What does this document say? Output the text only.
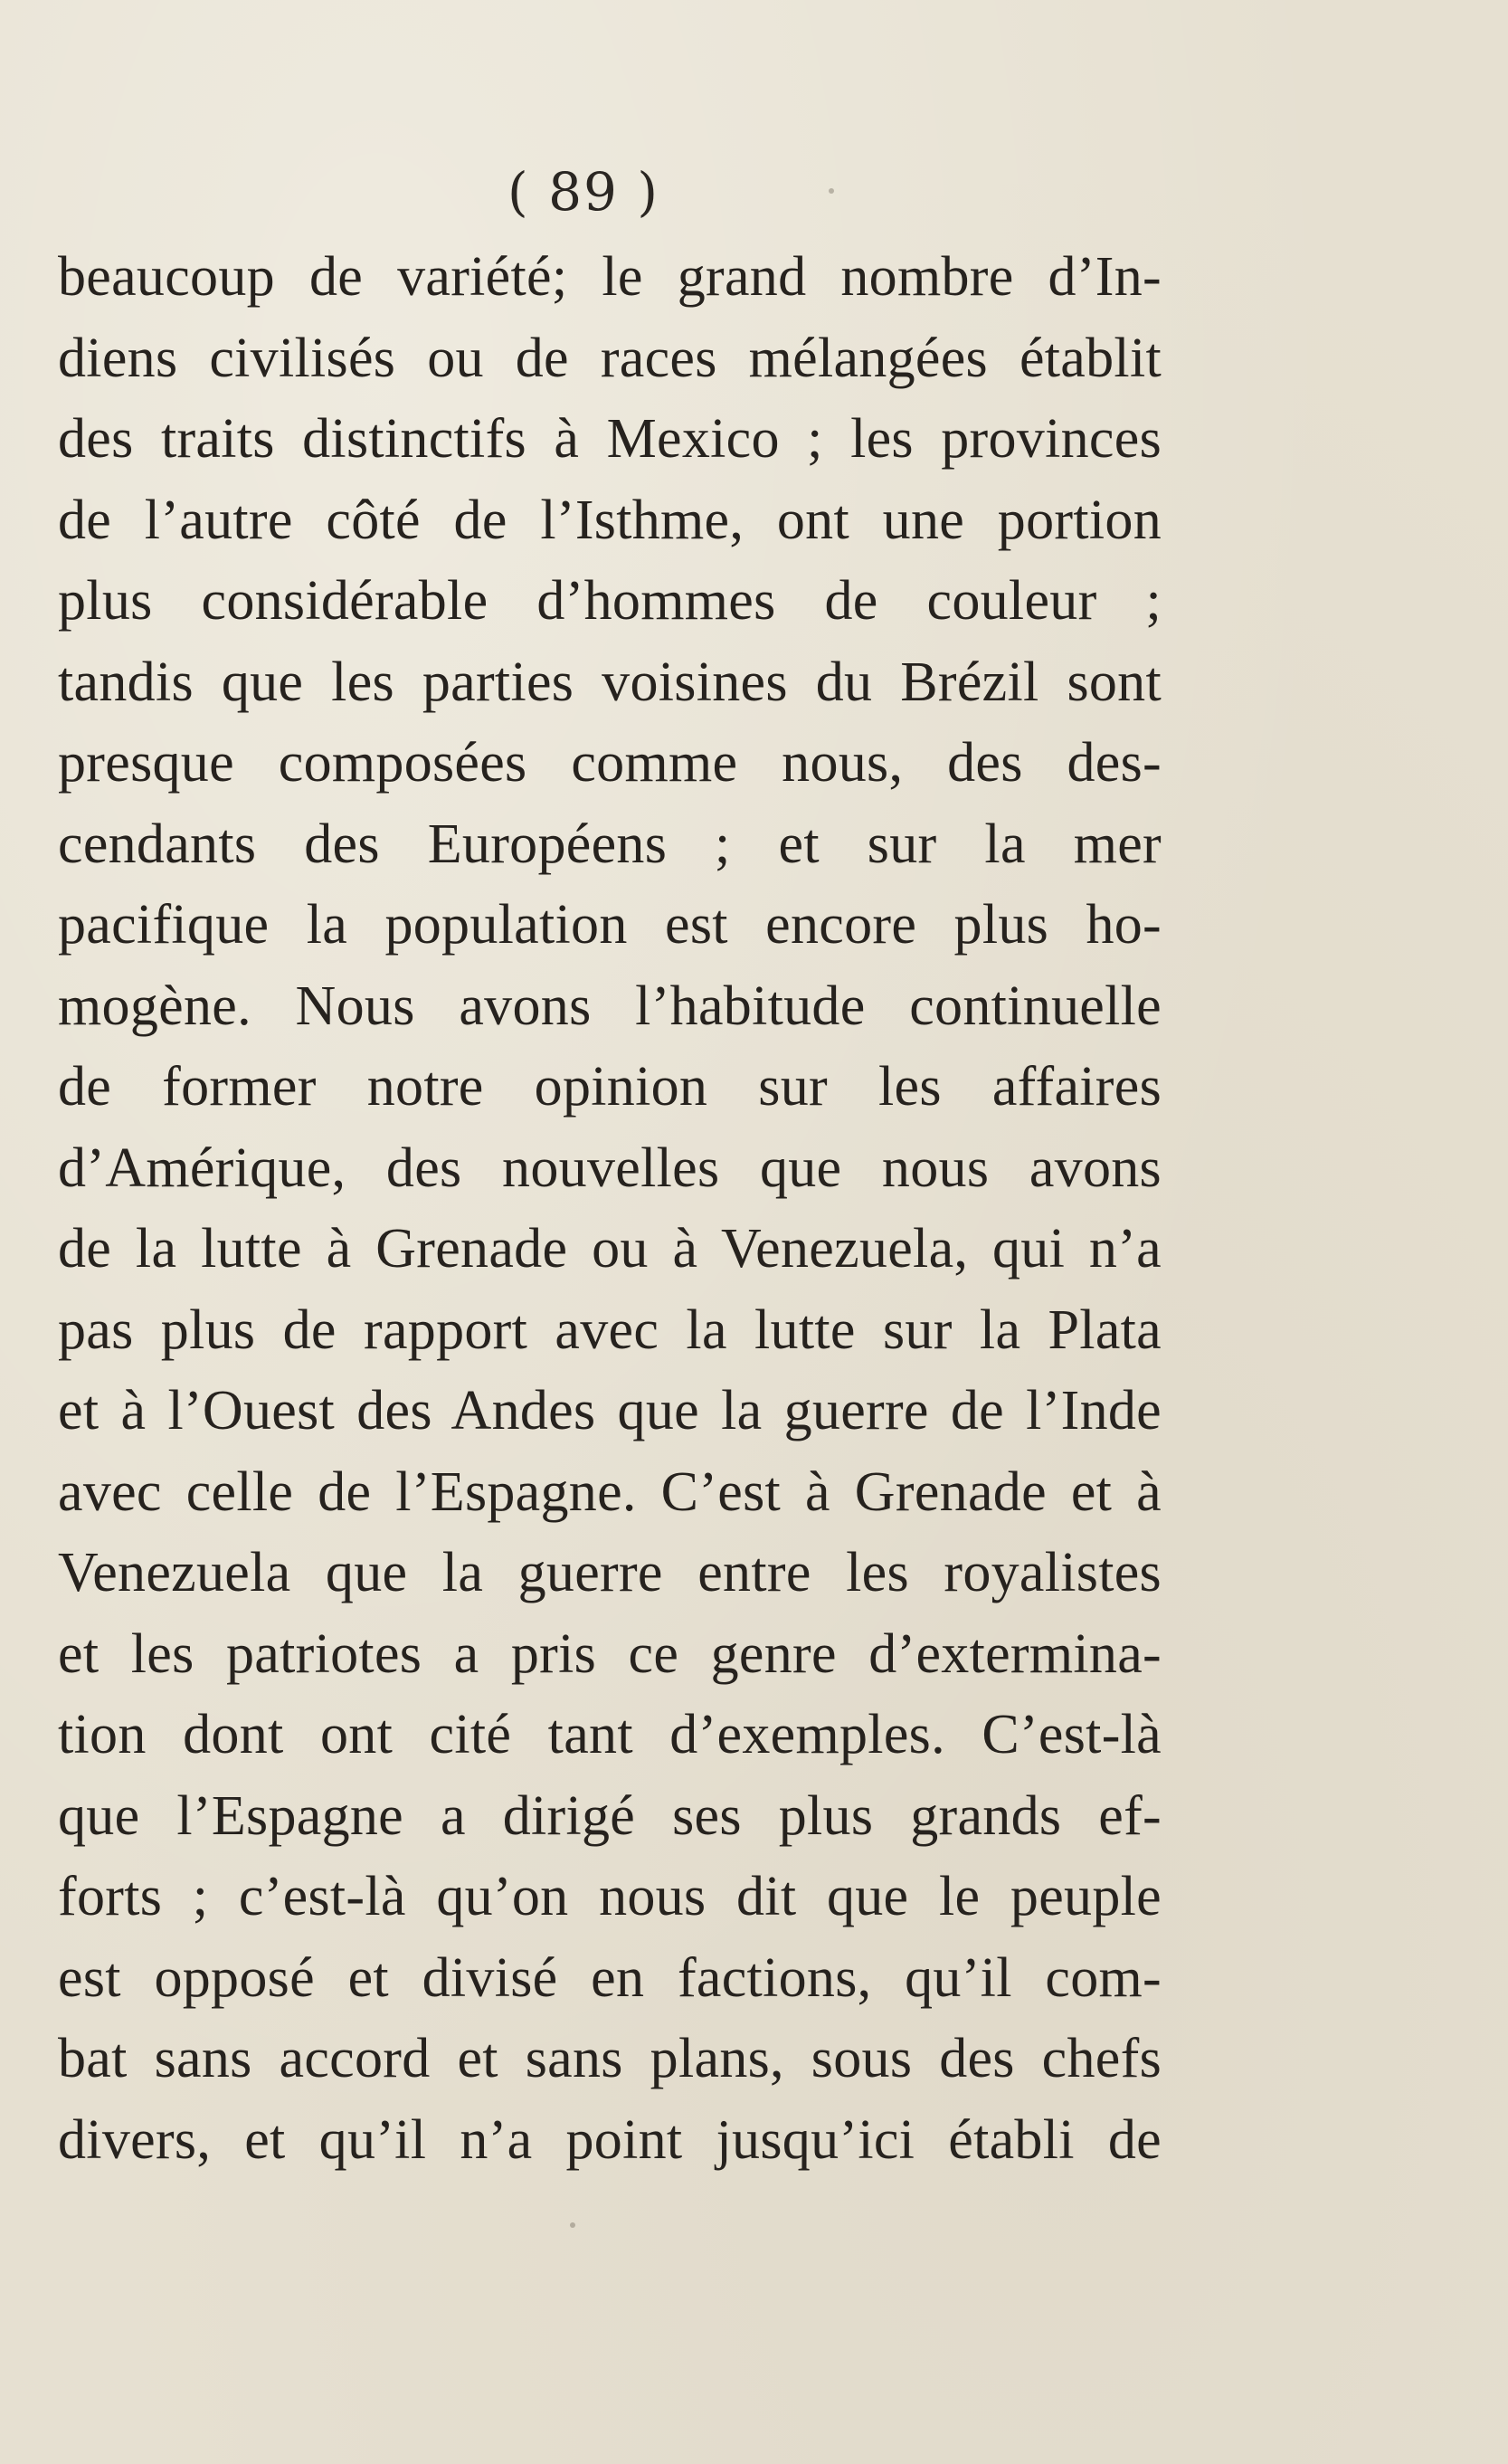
( 89 )
beaucoup de variété; le grand nombre d’In-
diens civilisés ou de races mélangées établit
des traits distinctifs à Mexico ; les provinces
de l’autre côté de l’Isthme, ont une portion
plus considérable d’hommes de couleur ;
tandis que les parties voisines du Brézil sont
presque composées comme nous, des des-
cendants des Européens ; et sur la mer
pacifique la population est encore plus ho-
mogène. Nous avons l’habitude continuelle
de former notre opinion sur les affaires
d’Amérique, des nouvelles que nous avons
de la lutte à Grenade ou à Venezuela, qui n’a
pas plus de rapport avec la lutte sur la Plata
et à l’Ouest des Andes que la guerre de l’Inde
avec celle de l’Espagne. C’est à Grenade et à
Venezuela que la guerre entre les royalistes
et les patriotes a pris ce genre d’extermina-
tion dont ont cité tant d’exemples. C’est-là
que l’Espagne a dirigé ses plus grands ef-
forts ; c’est-là qu’on nous dit que le peuple
est opposé et divisé en factions, qu’il com-
bat sans accord et sans plans, sous des chefs
divers, et qu’il n’a point jusqu’ici établi de
